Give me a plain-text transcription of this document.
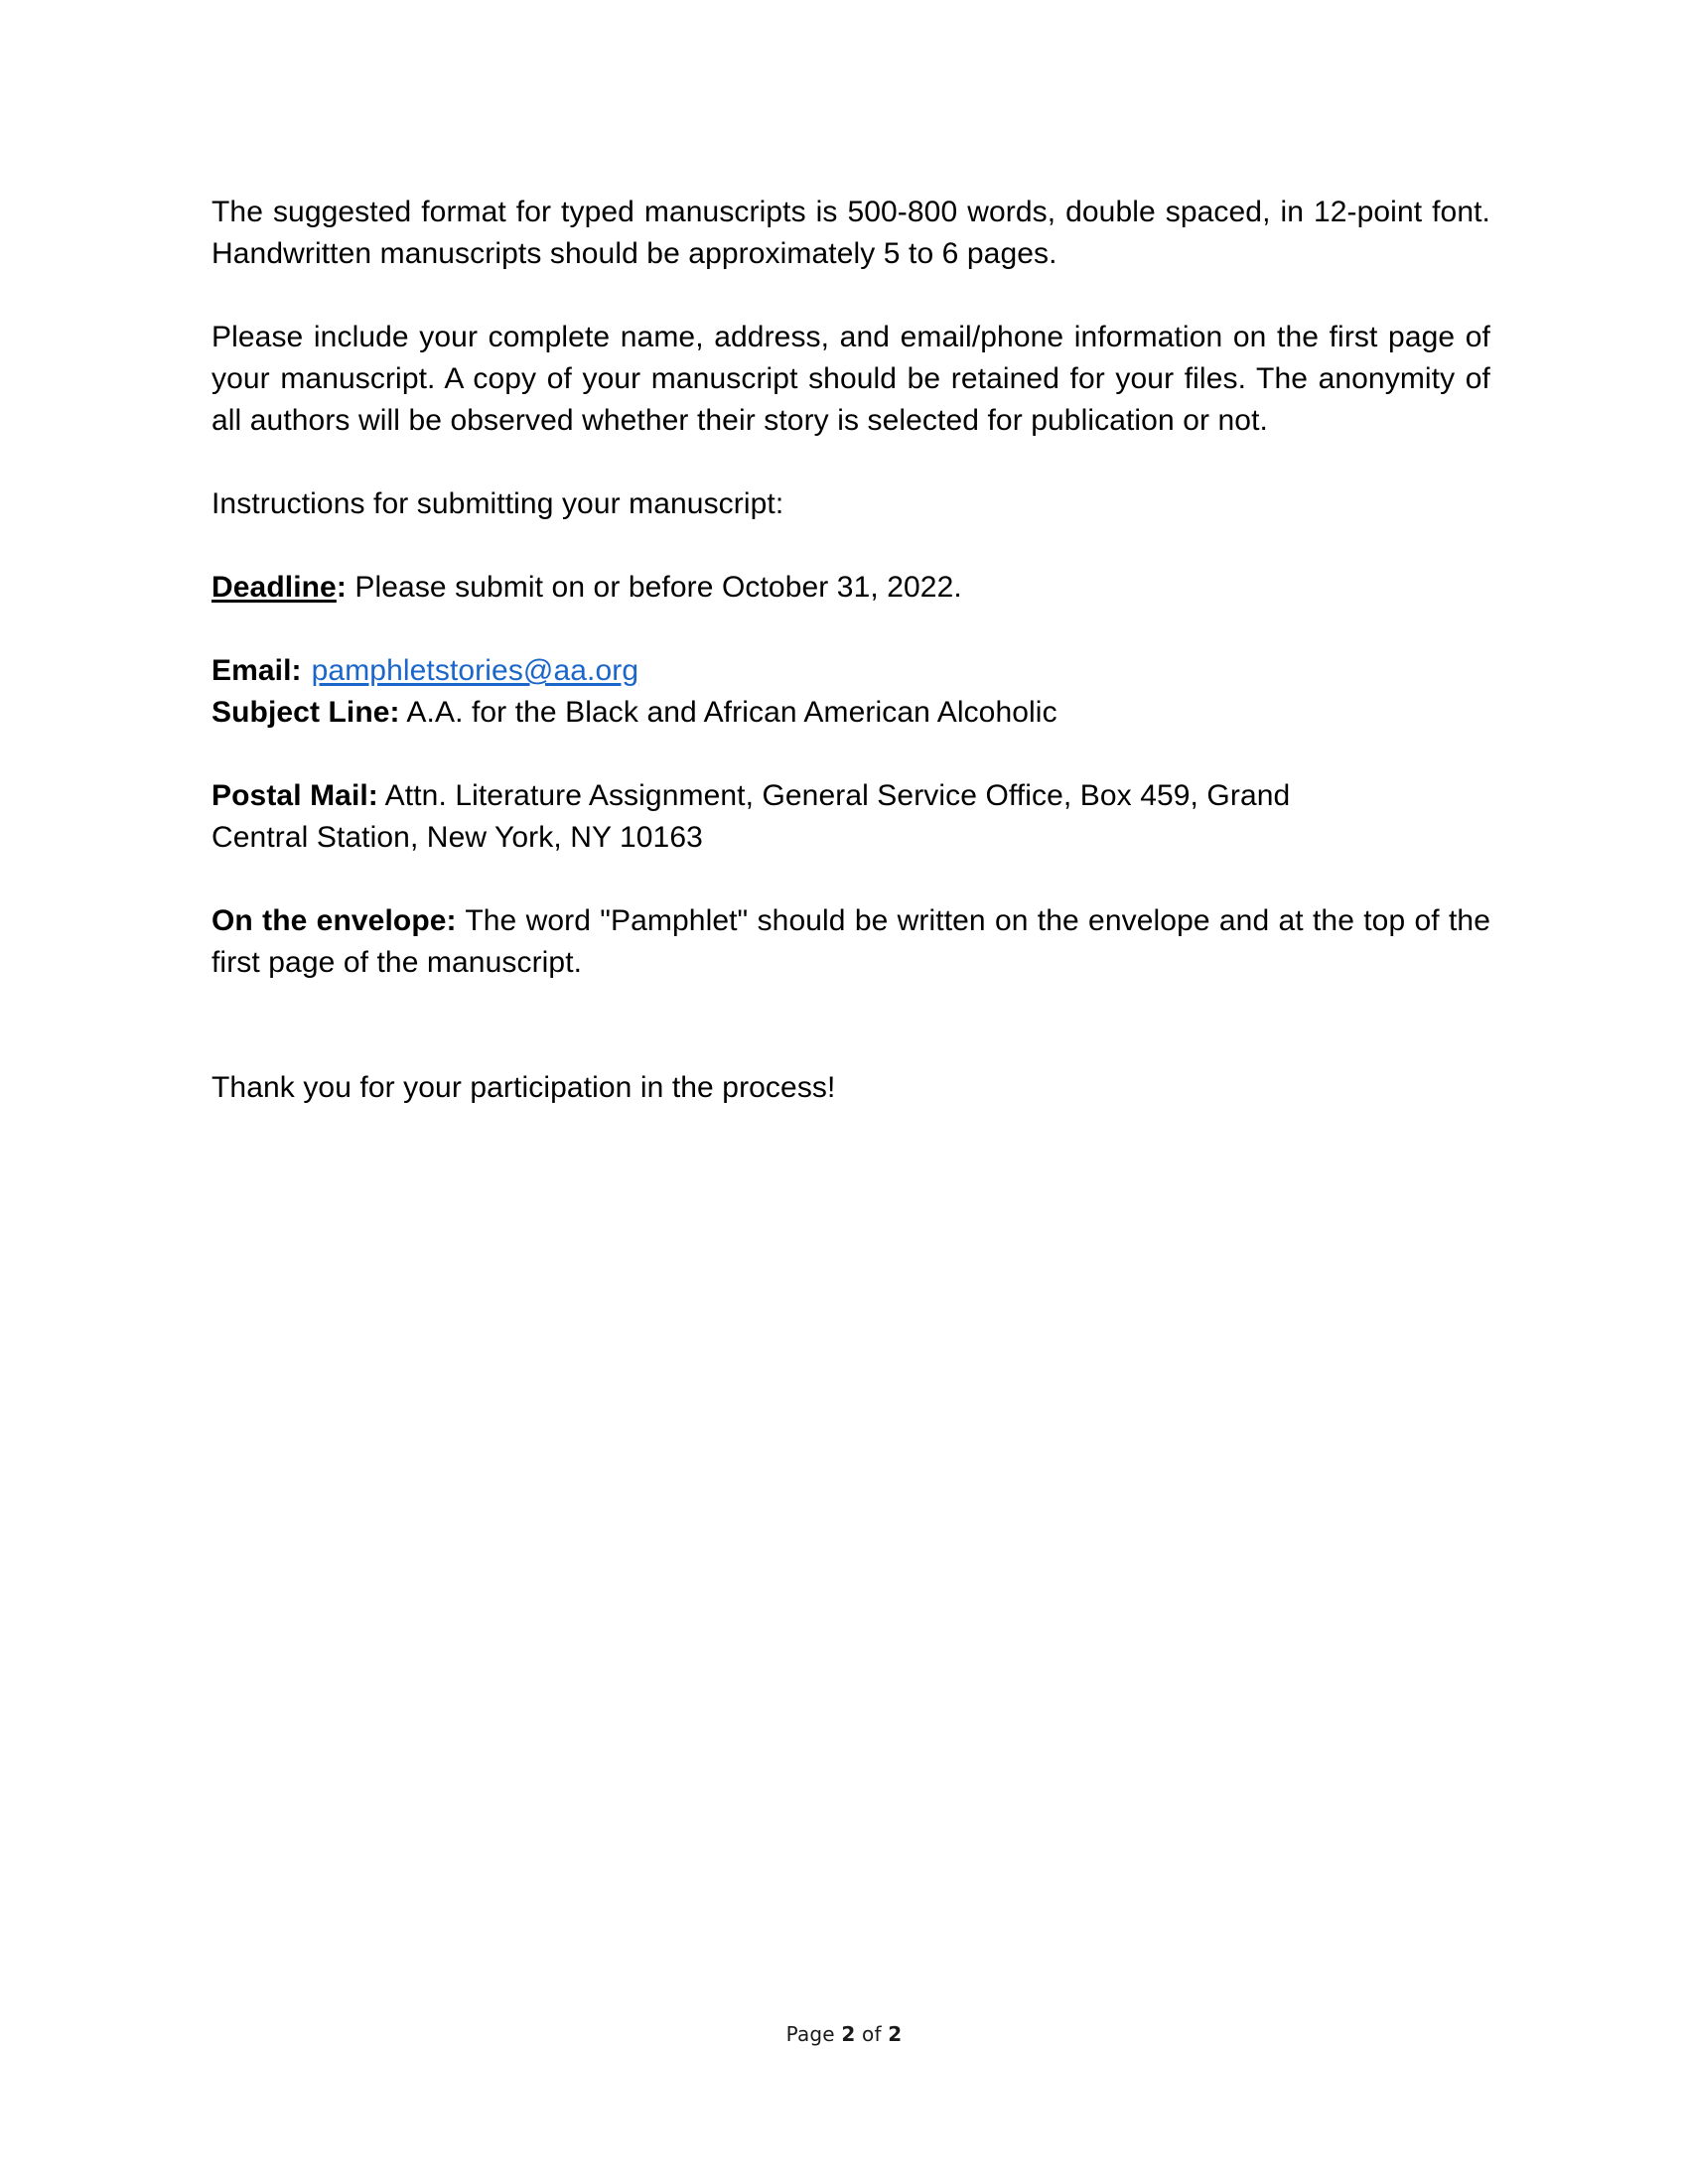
The suggested format for typed manuscripts is 500-800 words, double spaced, in 12-point font. Handwritten manuscripts should be approximately 5 to 6 pages.

Please include your complete name, address, and email/phone information on the first page of your manuscript. A copy of your manuscript should be retained for your files. The anonymity of all authors will be observed whether their story is selected for publication or not.

Instructions for submitting your manuscript:

Deadline: Please submit on or before October 31, 2022.

Email: pamphletstories@aa.org

Subject Line: A.A. for the Black and African American Alcoholic

Postal Mail: Attn. Literature Assignment, General Service Office, Box 459, Grand
Central Station, New York, NY 10163

On the envelope: The word "Pamphlet" should be written on the envelope and at the top of the first page of the manuscript.

Thank you for your participation in the process!

Page 2 of 2
